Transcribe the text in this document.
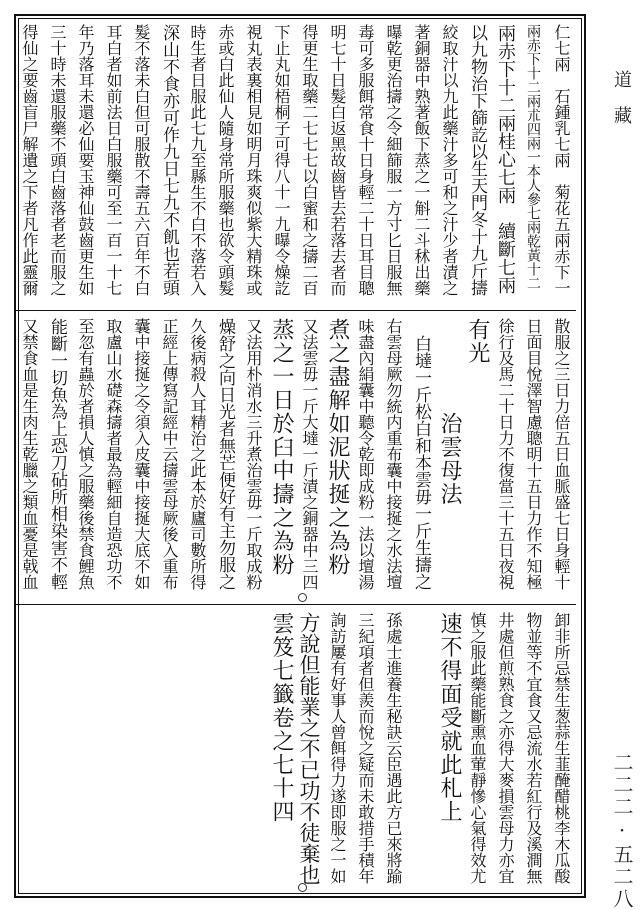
仁七兩　石鍾乳七兩　菊花五兩赤下一
兩赤下十二兩朮四兩一本人參七兩乾黃十二
兩赤下十二兩桂心七兩　續斷七兩
以九物治下篩訖以生天門冬十九斤擣
絞取汁以九此藥汁多可和之汁少者漬之
著銅器中熟著飯下蒸之一斛二斗秫出藥
曝乾更治擣之令細篩服一方寸匕日服無
毒可多服餌常食十日身輕二十日耳目聰
明七十日髮白返黑故齒皆去若落去者而
得更生取藥二七七七以白蜜和之擣二百
下止丸如梧桐子可得八十一九曝令燥訖
視丸表裏相見如明月珠爽似紫大精珠或
赤或白此仙人隨身常所服藥也欲令頭髮
時生者日服此七九至縣生不白不落若入
深山不食亦可作九日七九不飢也若頭
髮不落未白但可服散不壽五六百年不白
耳白者如前法日白服藥可至一百一十七
年乃落耳未還必仙要玉神仙鼓齒更生如
三十時未還服藥不頭白齒落者老而服之
得仙之要齒盲尸解遺之下者凡作此靈爾
散服之三日力倍五日血脈盛七日身輕十
日面目悅澤智慮聰明十五日力作不知極
徐行及馬二十日力不復當三十五日夜視
有光
　　　　治雲母法
　白墶一斤松白和本雲毋一斤生擣之
右雲母厥勿統内重布囊中接挻之水法壇
味盡內絹囊中聽令乾即成粉一法以壇湯
煮之盡解如泥狀挻之為粉
又法雲毋一斤大墶一斤漬之銅器中三四
蒸之一日於臼中擣之為粉
又法用朴消水三升煮治雲毋一斤取成粉
燥舒之向日光者無芒便好有主勿服之
久後病殺人耳精治之此本於廬司數所得
正經上傳寫記經中云擣雲母厥後入重布
囊中接挻之令須入皮囊中接挻大底不如
取盧山水礎森擣者最為輕細自造恐功不
至忽有蟲於者損人慎之服藥後禁食鯉魚
能斷一切魚為上恐刀砧所相染害不輕
又禁食血是生肉生乾臘之類血憂是戟血
卸非所忌禁生葱蒜生韮醃醋桃李木瓜酸
物並等不宜食又忌流水若紅行及溪澗無
井處但煎熟食之亦得大麥損雲母力亦宜
慎之服此藥能斷熏血葷靜慘心氣得效尤
速不得面受就此札上
孫處士進養生秘訣云臣遇此方已來將踰
三紀項者但羨而悅之疑而未敢措手積年
詢訪屢有好事人曾餌得力遂即服之一如
方說但能業之不已功不徒棄也
雲笈七籤卷之七十四
道藏
二二二·五二八
